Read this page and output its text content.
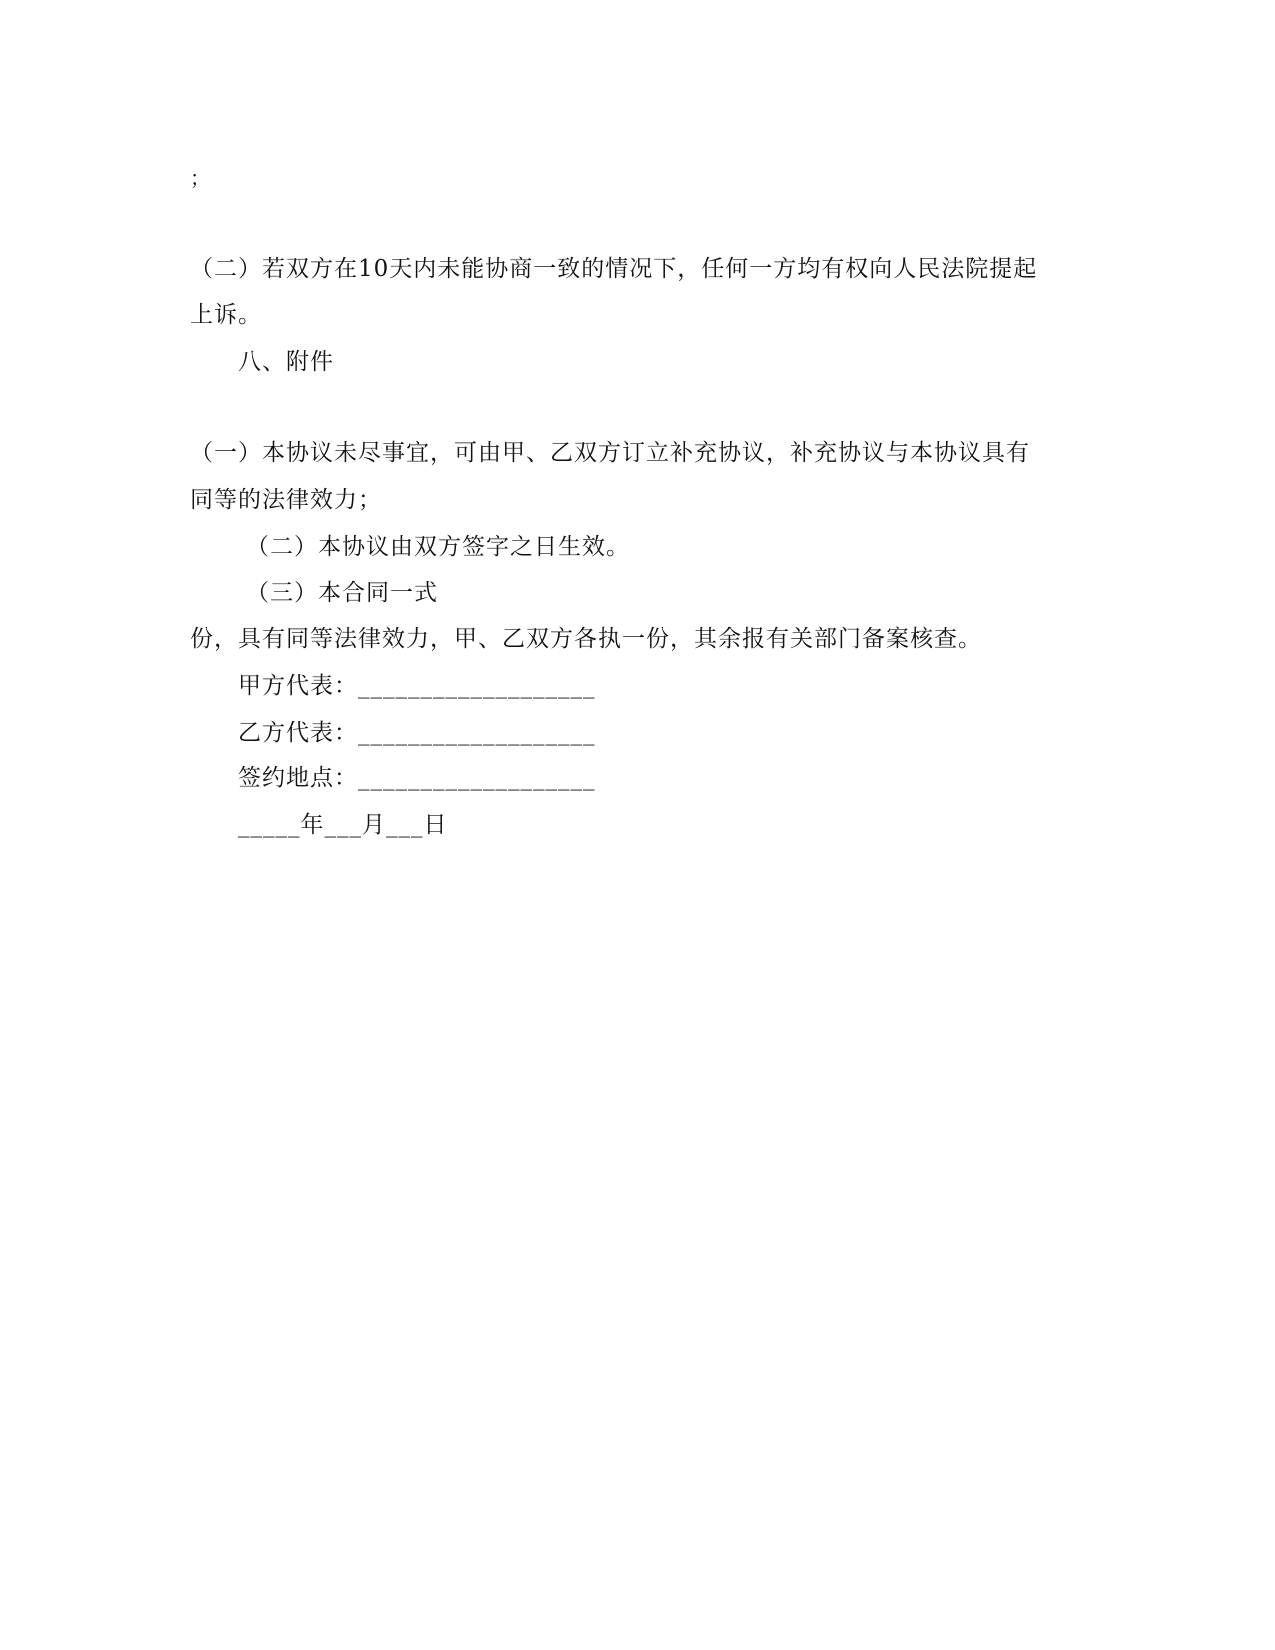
；
（二）若双方在10天内未能协商一致的情况下，任何一方均有权向人民法院提起
上诉。
八、附件
（一）本协议未尽事宜，可由甲、乙双方订立补充协议，补充协议与本协议具有
同等的法律效力；
（二）本协议由双方签字之日生效。
（三）本合同一式
份，具有同等法律效力，甲、乙双方各执一份，其余报有关部门备案核查。
甲方代表：___________________
乙方代表：___________________
签约地点：___________________
_____年___月___日
